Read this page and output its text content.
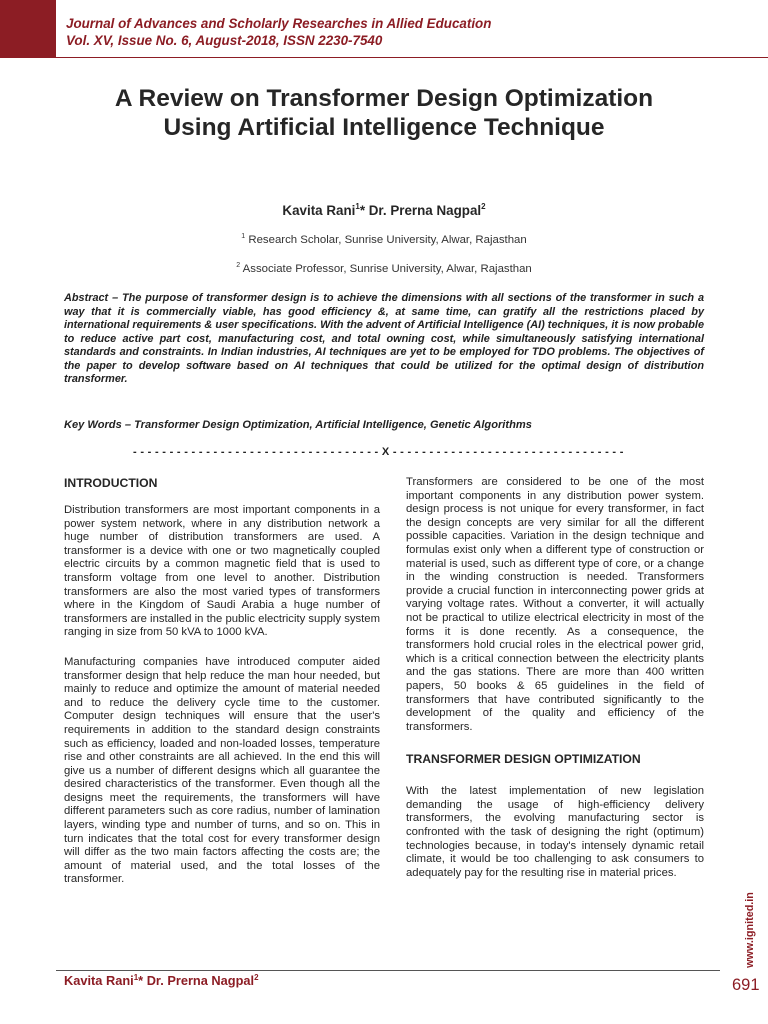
Journal of Advances and Scholarly Researches in Allied Education
Vol. XV, Issue No. 6, August-2018, ISSN 2230-7540
A Review on Transformer Design Optimization
Using Artificial Intelligence Technique
Kavita Rani$^1$* Dr. Prerna Nagpal$^2$
$^1$ Research Scholar, Sunrise University, Alwar, Rajasthan
$^2$ Associate Professor, Sunrise University, Alwar, Rajasthan
Abstract – The purpose of transformer design is to achieve the dimensions with all sections of the transformer in such a way that it is commercially viable, has good efficiency &, at same time, can gratify all the restrictions placed by international requirements & user specifications. With the advent of Artificial Intelligence (AI) techniques, it is now probable to reduce active part cost, manufacturing cost, and total owning cost, while simultaneously satisfying international standards and constraints. In Indian industries, AI techniques are yet to be employed for TDO problems. The objectives of the paper to develop software based on AI techniques that could be utilized for the optimal design of distribution transformer.
Key Words – Transformer Design Optimization, Artificial Intelligence, Genetic Algorithms
- - - - - - - - - - - - - - - - - - - - - - - - - - - - - - - - - - X - - - - - - - - - - - - - - - - - - - - - - - - - - - - - - - -
INTRODUCTION

Distribution transformers are most important components in a power system network, where in any distribution network a huge number of distribution transformers are used. A transformer is a device with one or two magnetically coupled electric circuits by a common magnetic field that is used to transform voltage from one level to another. Distribution transformers are also the most varied types of transformers where in the Kingdom of Saudi Arabia a huge number of transformers are installed in the public electricity supply system ranging in size from 50 kVA to 1000 kVA.

Manufacturing companies have introduced computer aided transformer design that help reduce the man hour needed, but mainly to reduce and optimize the amount of material needed and to reduce the delivery cycle time to the customer. Computer design techniques will ensure that the user's requirements in addition to the standard design constraints such as efficiency, loaded and non-loaded losses, temperature rise and other constraints are all achieved. In the end this will give us a number of different designs which all guarantee the desired characteristics of the transformer. Even though all the designs meet the requirements, the transformers will have different parameters such as core radius, number of lamination layers, winding type and number of turns, and so on. This in turn indicates that the total cost for every transformer design will differ as the two main factors affecting the costs are; the amount of material used, and the total losses of the transformer.

Transformers are considered to be one of the most important components in any distribution power system. design process is not unique for every transformer, in fact the design concepts are very similar for all the different possible capacities. Variation in the design technique and formulas exist only when a different type of construction or material is used, such as different type of core, or a change in the winding construction is needed. Transformers provide a crucial function in interconnecting power grids at varying voltage rates. Without a converter, it will actually not be practical to utilize electrical electricity in most of the forms it is done recently. As a consequence, the transformers hold crucial roles in the electrical power grid, which is a critical connection between the electricity plants and the gas stations. There are more than 400 written papers, 50 books & 65 guidelines in the field of transformers that have contributed significantly to the development of the quality and efficiency of the transformers.

TRANSFORMER DESIGN OPTIMIZATION

With the latest implementation of new legislation demanding the usage of high-efficiency delivery transformers, the evolving manufacturing sector is confronted with the task of designing the right (optimum) technologies because, in today's intensely dynamic retail climate, it would be too challenging to ask consumers to adequately pay for the resulting rise in material prices.

Kavita Rani$^1$* Dr. Prerna Nagpal$^2$	691
www.ignited.in
